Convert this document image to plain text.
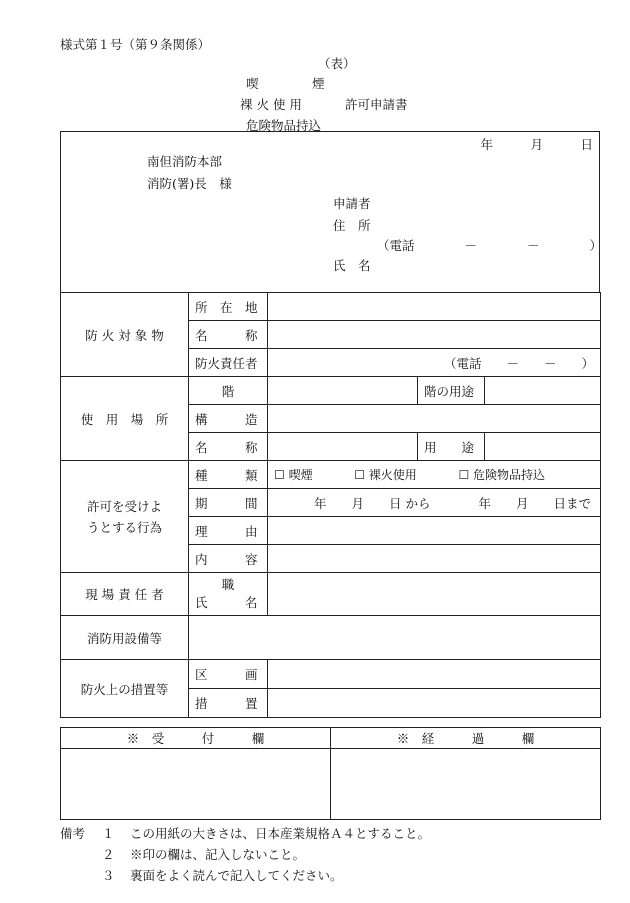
様式第１号（第９条関係）
（表）
喫	煙
裸 火 使 用	許可申請書
危険物品持込
年　　　月　　　日
南但消防本部
消防(署)長　様
申請者
住　所
（電話　　　　－　　　　－　　　　）
氏　名
防 火 対 象 物	所　在　地			
	名　　　称			
	防火責任者	（電話　　－　　－　　）		
使　用　場　所	階		階の用途	
	構　　　造			
	名　　　称		用　　途	

許可を受けよ
うとする行為	種　　　類	☐ 喫煙 ☐ 裸火使用 ☐ 危険物品持込		
	期　　　間	年　　月　　日 から 年　　月　　日まで		
	理　　　由			
	内　　　容			
現 場 責 任 者	職
氏　　　名			

消防用設備等				
防火上の措置等	区　　　画			
	措　　　置			
※　受　　　付　　　欄	※　経　　　過　　　欄

備考 １ この用紙の大きさは、日本産業規格Ａ４とすること。
２ ※印の欄は、記入しないこと。
３ 裏面をよく読んで記入してください。
